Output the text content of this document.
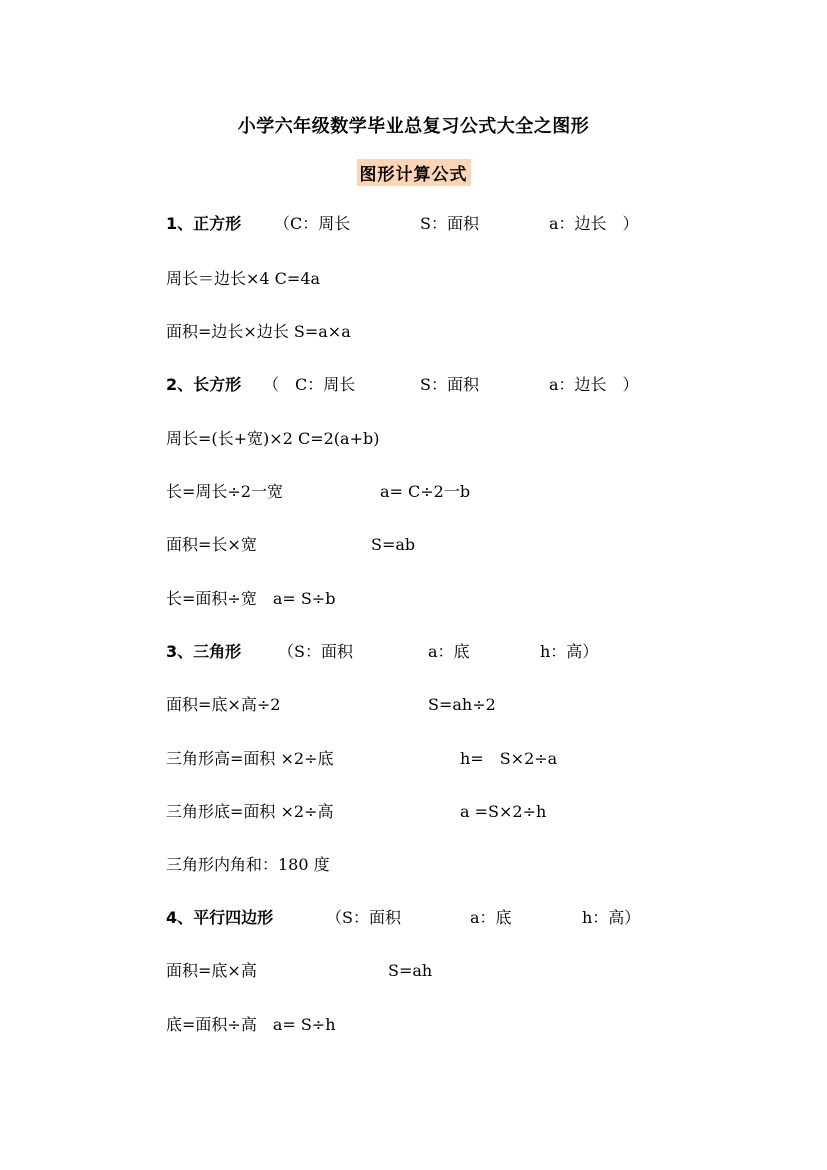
小学六年级数学毕业总复习公式大全之图形
图形计算公式

1、正方形

（C：周长

	S：面积

	a：边长　）

周长＝边长×4 C=4a

面积=边长×边长 S=a×a

2、长方形

（　C：周长

	S：面积

	a：边长　）

周长=(长+宽)×2 C=2(a+b)

长=周长÷2一宽

	a= C÷2一b

面积=长×宽

	S=ab

长=面积÷宽　a= S÷b

3、三角形

（S：面积

	a：底

	h：高）

面积=底×高÷2

	S=ah÷2

三角形高=面积 ×2÷底

	h=　S×2÷a

三角形底=面积 ×2÷高

	a =S×2÷h

三角形内角和：180 度

4、平行四边形

	（S：面积

	a：底

	h：高）

面积=底×高

	S=ah

底=面积÷高　a= S÷h
